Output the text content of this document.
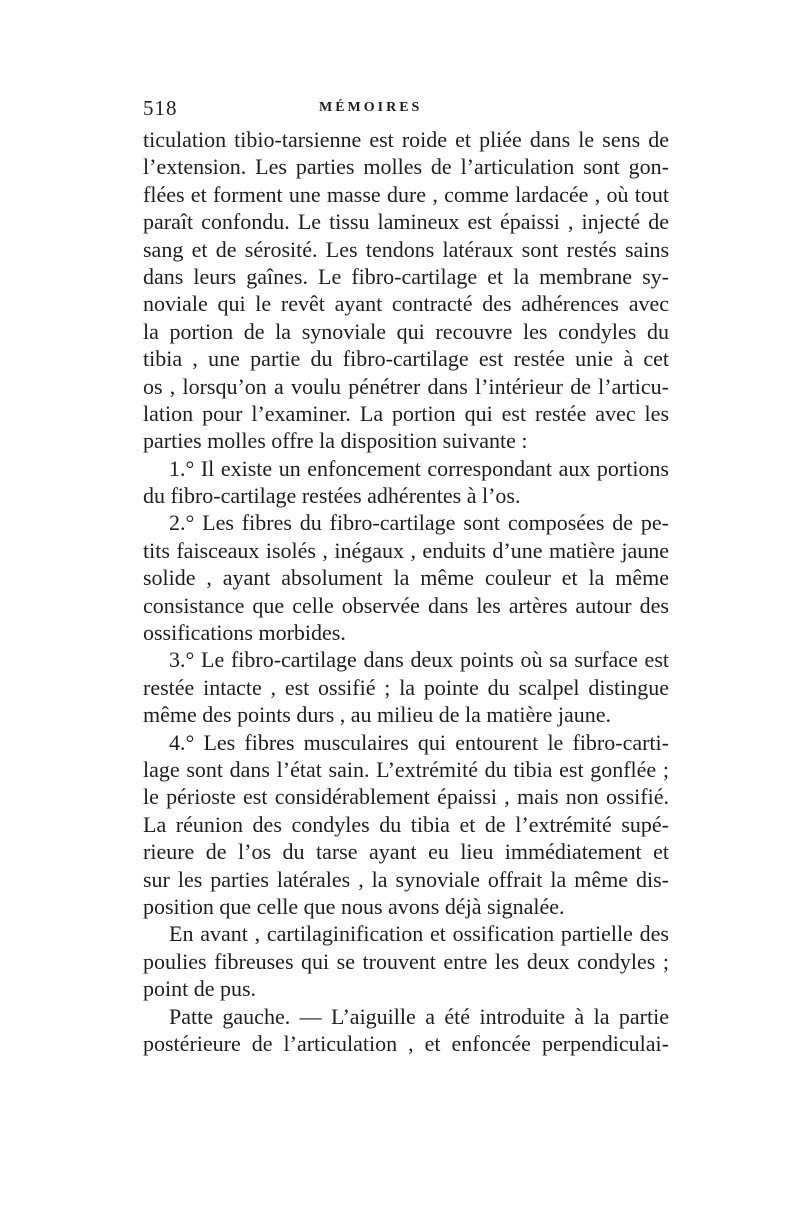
518	MÉMOIRES
ticulation tibio-tarsienne est roide et pliée dans le sens de
l’extension. Les parties molles de l’articulation sont gon-
flées et forment une masse dure , comme lardacée , où tout
paraît confondu. Le tissu lamineux est épaissi , injecté de
sang et de sérosité. Les tendons latéraux sont restés sains
dans leurs gaînes. Le fibro-cartilage et la membrane sy-
noviale qui le revêt ayant contracté des adhérences avec
la portion de la synoviale qui recouvre les condyles du
tibia , une partie du fibro-cartilage est restée unie à cet
os , lorsqu’on a voulu pénétrer dans l’intérieur de l’articu-
lation pour l’examiner. La portion qui est restée avec les
parties molles offre la disposition suivante :
1.° Il existe un enfoncement correspondant aux portions
du fibro-cartilage restées adhérentes à l’os.
2.° Les fibres du fibro-cartilage sont composées de pe-
tits faisceaux isolés , inégaux , enduits d’une matière jaune
solide , ayant absolument la même couleur et la même
consistance que celle observée dans les artères autour des
ossifications morbides.
3.° Le fibro-cartilage dans deux points où sa surface est
restée intacte , est ossifié ; la pointe du scalpel distingue
même des points durs , au milieu de la matière jaune.
4.° Les fibres musculaires qui entourent le fibro-carti-
lage sont dans l’état sain. L’extrémité du tibia est gonflée ;
le périoste est considérablement épaissi , mais non ossifié.
La réunion des condyles du tibia et de l’extrémité supé-
rieure de l’os du tarse ayant eu lieu immédiatement et
sur les parties latérales , la synoviale offrait la même dis-
position que celle que nous avons déjà signalée.
En avant , cartilaginification et ossification partielle des
poulies fibreuses qui se trouvent entre les deux condyles ;
point de pus.
Patte gauche. — L’aiguille a été introduite à la partie
postérieure de l’articulation , et enfoncée perpendiculai-
